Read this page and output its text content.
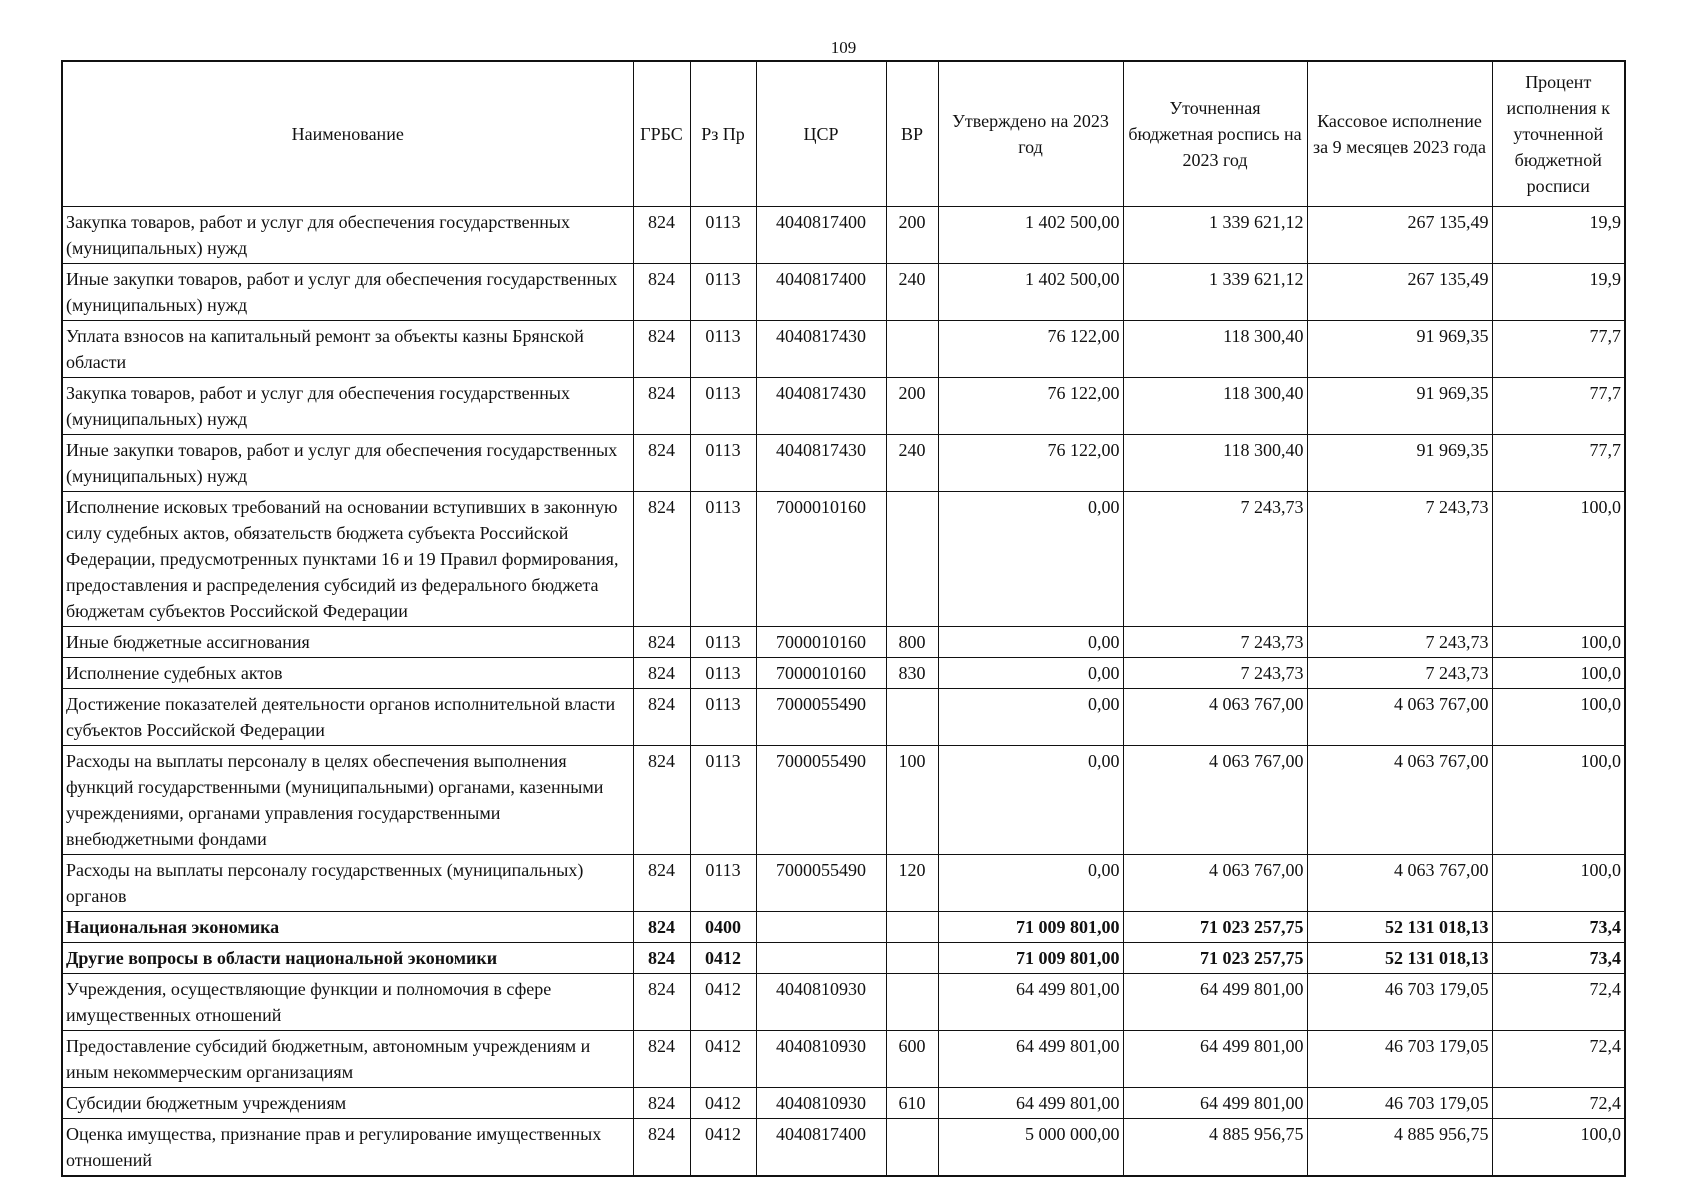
109
Наименование	ГРБС	Рз Пр	ЦСР	ВР	Утверждено на 2023 год	Уточненная бюджетная роспись на 2023 год	Кассовое исполнение за 9 месяцев 2023 года	Процент исполнения к уточненной бюджетной росписи
Закупка товаров, работ и услуг для обеспечения государственных (муниципальных) нужд	824	0113	4040817400	200	1 402 500,00	1 339 621,12	267 135,49	19,9
Иные закупки товаров, работ и услуг для обеспечения государственных (муниципальных) нужд	824	0113	4040817400	240	1 402 500,00	1 339 621,12	267 135,49	19,9
Уплата взносов на капитальный ремонт за объекты казны Брянской области	824	0113	4040817430		76 122,00	118 300,40	91 969,35	77,7
Закупка товаров, работ и услуг для обеспечения государственных (муниципальных) нужд	824	0113	4040817430	200	76 122,00	118 300,40	91 969,35	77,7
Иные закупки товаров, работ и услуг для обеспечения государственных (муниципальных) нужд	824	0113	4040817430	240	76 122,00	118 300,40	91 969,35	77,7
Исполнение исковых требований на основании вступивших в законную силу судебных актов, обязательств бюджета субъекта Российской Федерации, предусмотренных пунктами 16 и 19 Правил формирования, предоставления и распределения субсидий из федерального бюджета бюджетам субъектов Российской Федерации	824	0113	7000010160		0,00	7 243,73	7 243,73	100,0
Иные бюджетные ассигнования	824	0113	7000010160	800	0,00	7 243,73	7 243,73	100,0
Исполнение судебных актов	824	0113	7000010160	830	0,00	7 243,73	7 243,73	100,0
Достижение показателей деятельности органов исполнительной власти субъектов Российской Федерации	824	0113	7000055490		0,00	4 063 767,00	4 063 767,00	100,0
Расходы на выплаты персоналу в целях обеспечения выполнения функций государственными (муниципальными) органами, казенными учреждениями, органами управления государственными внебюджетными фондами	824	0113	7000055490	100	0,00	4 063 767,00	4 063 767,00	100,0
Расходы на выплаты персоналу государственных (муниципальных) органов	824	0113	7000055490	120	0,00	4 063 767,00	4 063 767,00	100,0
Национальная экономика	824	0400			71 009 801,00	71 023 257,75	52 131 018,13	73,4
Другие вопросы в области национальной экономики	824	0412			71 009 801,00	71 023 257,75	52 131 018,13	73,4
Учреждения, осуществляющие функции и полномочия в сфере имущественных отношений	824	0412	4040810930		64 499 801,00	64 499 801,00	46 703 179,05	72,4
Предоставление субсидий бюджетным, автономным учреждениям и иным некоммерческим организациям	824	0412	4040810930	600	64 499 801,00	64 499 801,00	46 703 179,05	72,4
Субсидии бюджетным учреждениям	824	0412	4040810930	610	64 499 801,00	64 499 801,00	46 703 179,05	72,4
Оценка имущества, признание прав и регулирование имущественных отношений	824	0412	4040817400		5 000 000,00	4 885 956,75	4 885 956,75	100,0
